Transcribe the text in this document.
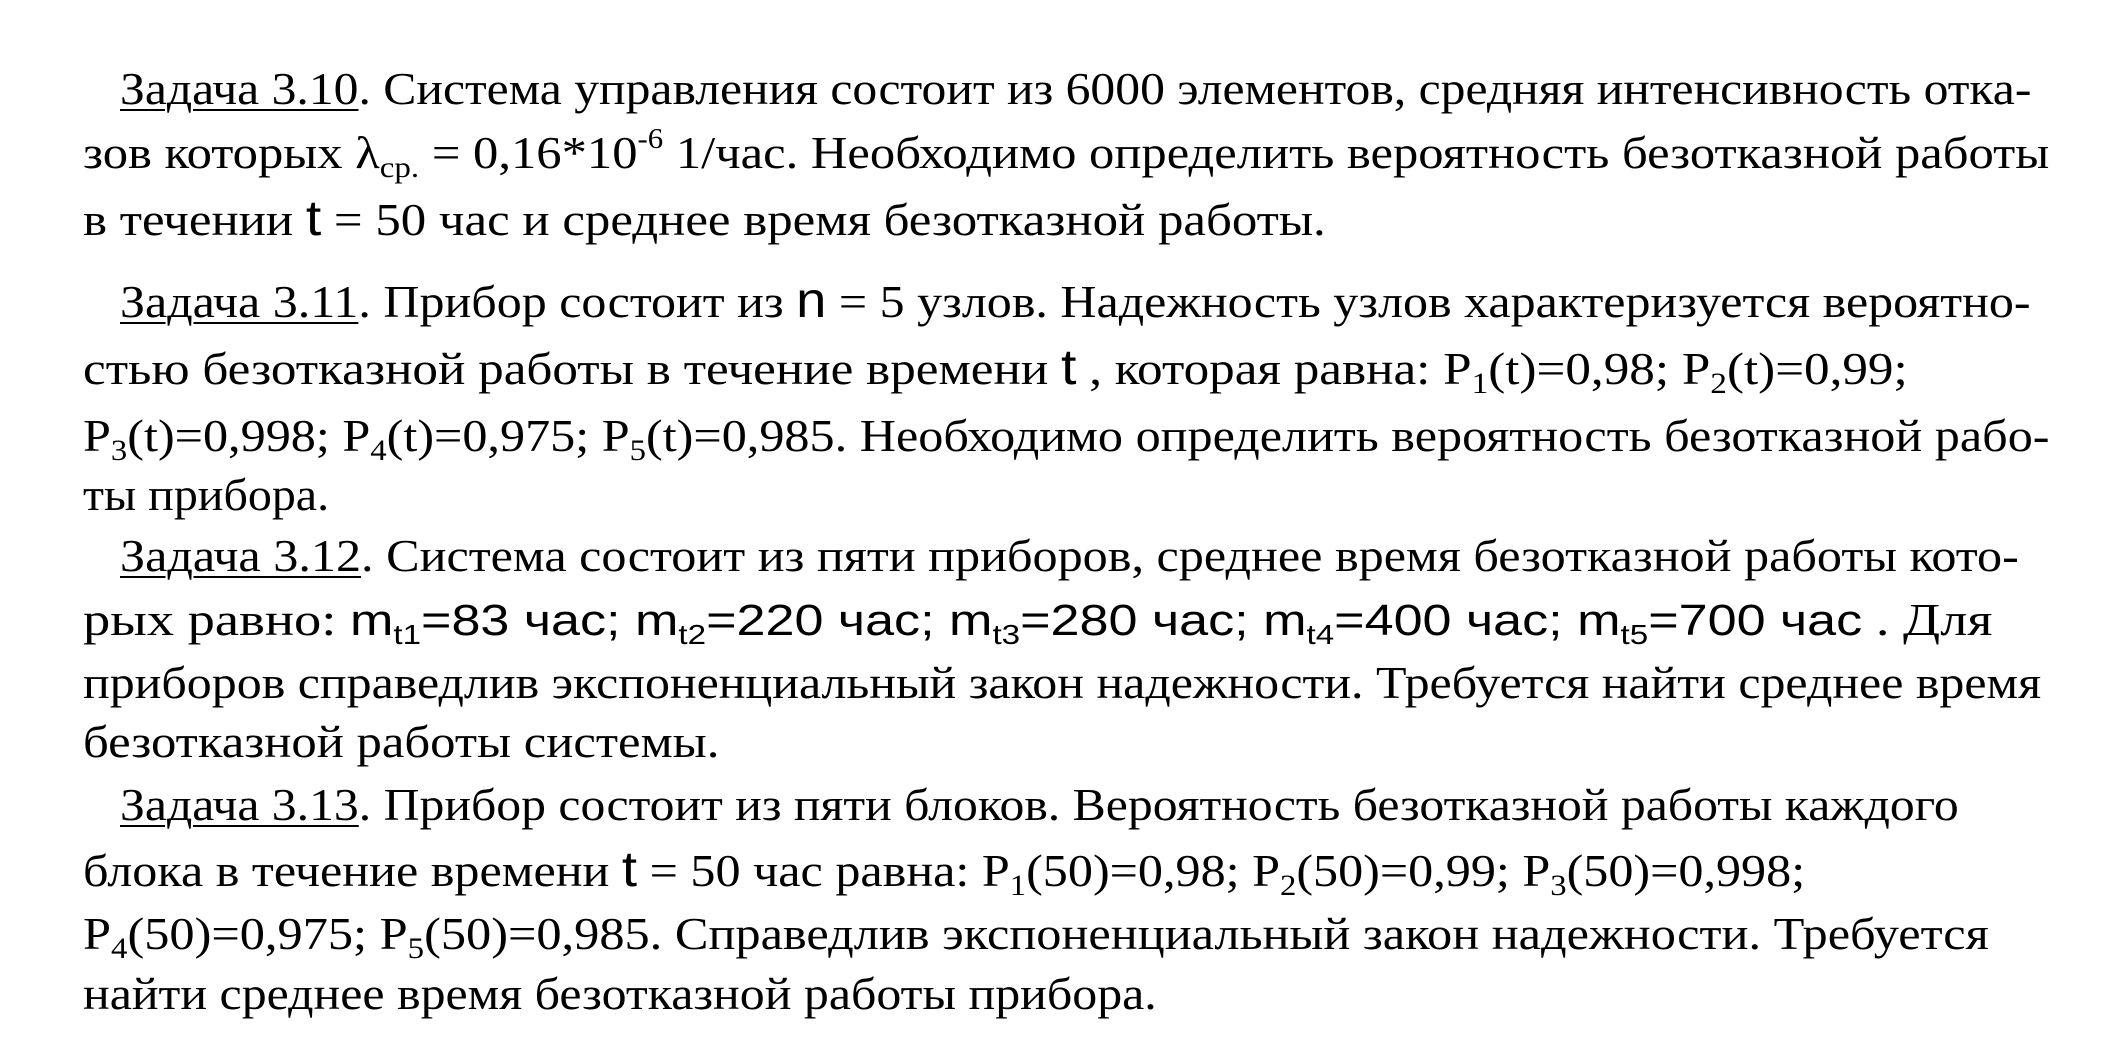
Задача 3.10. Система управления состоит из 6000 элементов, средняя интенсивность отка-
зов которых $\lambda_{ср.} = 0,16*10^{-6}$ 1/час. Необходимо определить вероятность безотказной работы
в течении t = 50 час и среднее время безотказной работы.
Задача 3.11. Прибор состоит из n = 5 узлов. Надежность узлов характеризуется вероятно-
стью безотказной работы в течение времени t , которая равна: $P_1(t)=0,98$; $P_2(t)=0,99$;
$P_3(t)=0,998$; $P_4(t)=0,975$; $P_5(t)=0,985$. Необходимо определить вероятность безотказной рабо-
ты прибора.
Задача 3.12. Система состоит из пяти приборов, среднее время безотказной работы кото-
рых равно: $m_{t1}=83$ час; $m_{t2}=220$ час; $m_{t3}=280$ час; $m_{t4}=400$ час; $m_{t5}=700$ час . Для
приборов справедлив экспоненциальный закон надежности. Требуется найти среднее время
безотказной работы системы.
Задача 3.13. Прибор состоит из пяти блоков. Вероятность безотказной работы каждого
блока в течение времени t = 50 час равна: $P_1(50)=0,98$; $P_2(50)=0,99$; $P_3(50)=0,998$;
$P_4(50)=0,975$; $P_5(50)=0,985$. Справедлив экспоненциальный закон надежности. Требуется
найти среднее время безотказной работы прибора.
